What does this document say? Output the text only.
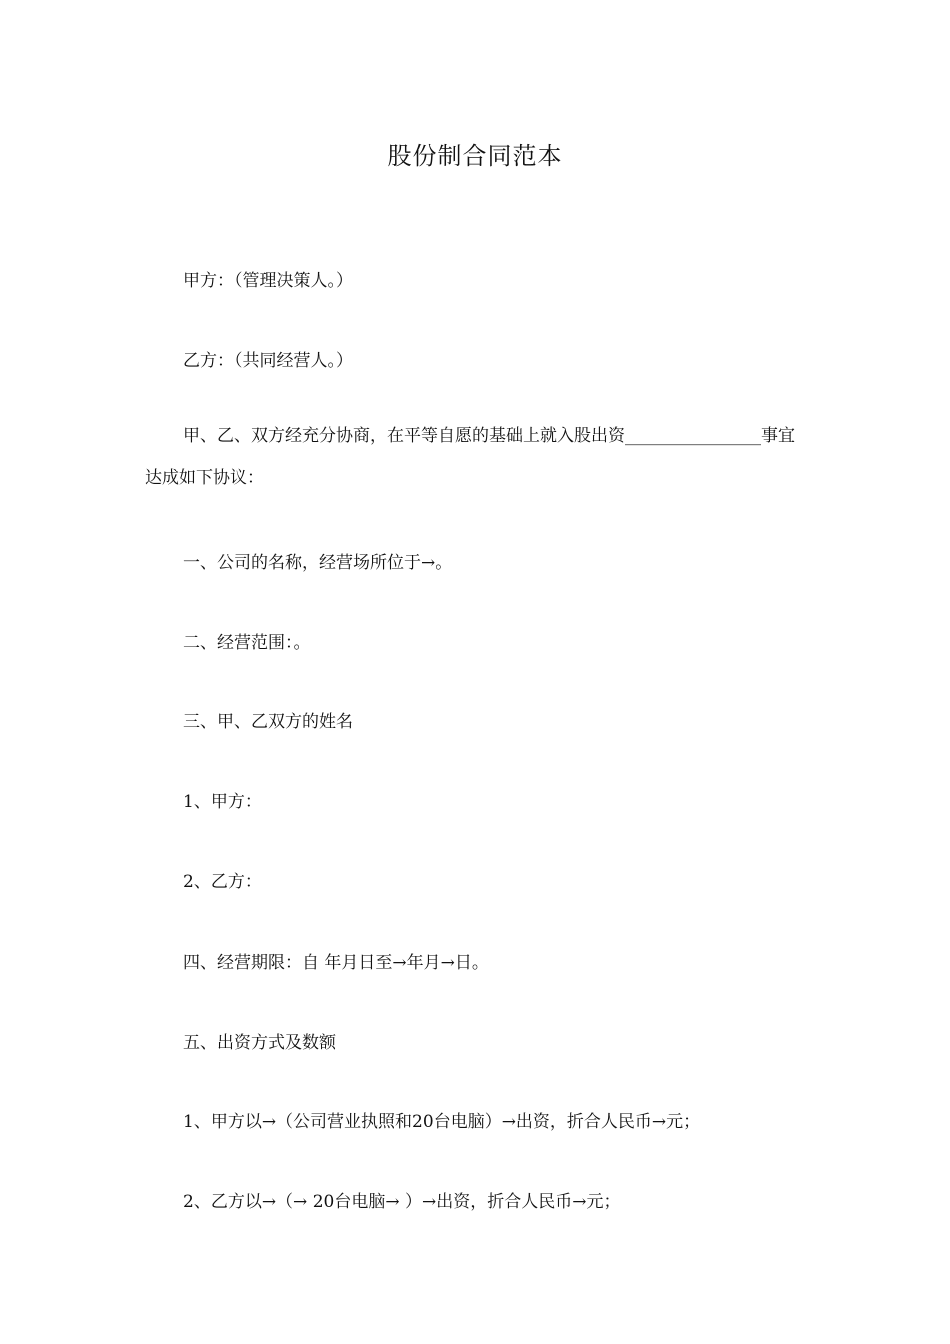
股份制合同范本
甲方：（管理决策人。）
乙方：（共同经营人。）
甲、乙、双方经充分协商，在平等自愿的基础上就入股出资________________事宜达成如下协议：
一、公司的名称，经营场所位于→。
二、经营范围：。
三、甲、乙双方的姓名
1、甲方：
2、乙方：
四、经营期限：自 年月日至→年月→日。
五、出资方式及数额
1、甲方以→（公司营业执照和20台电脑）→出资，折合人民币→元；
2、乙方以→（→ 20台电脑→ ）→出资，折合人民币→元；
